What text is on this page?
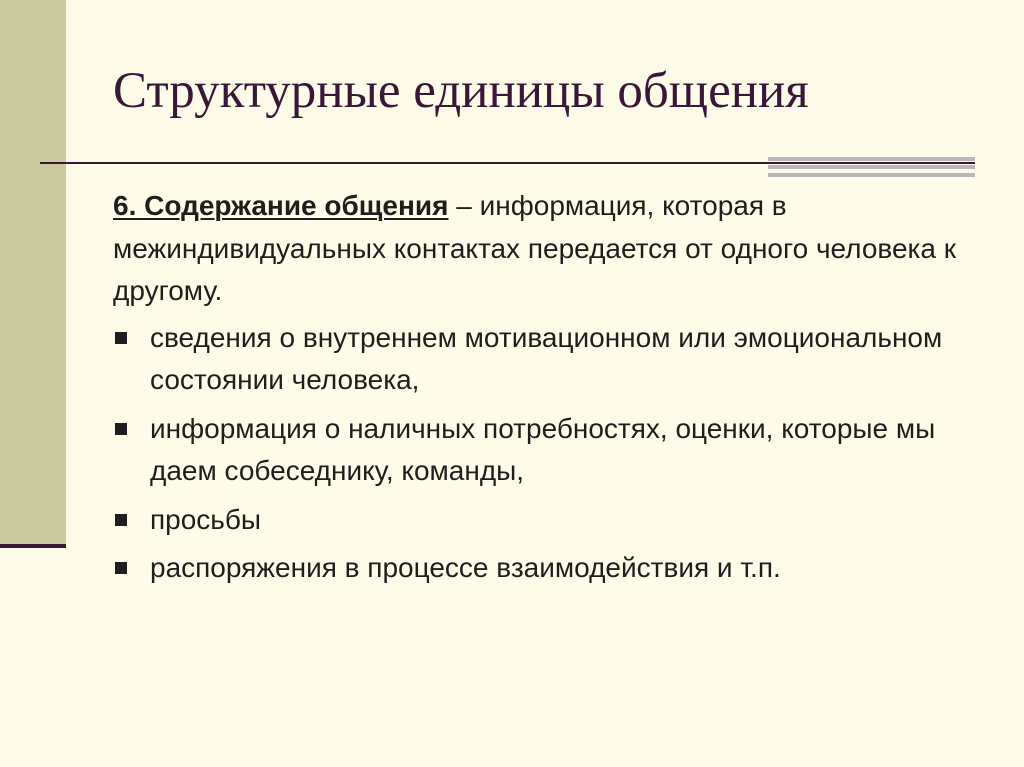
Структурные единицы общения

6. Содержание общения – информация, которая в межиндивидуальных контактах передается от одного человека к другому.

сведения о внутреннем мотивационном или эмоциональном состоянии человека,
информация о наличных потребностях, оценки, которые мы даем собеседнику, команды,
просьбы
распоряжения в процессе взаимодействия и т.п.
